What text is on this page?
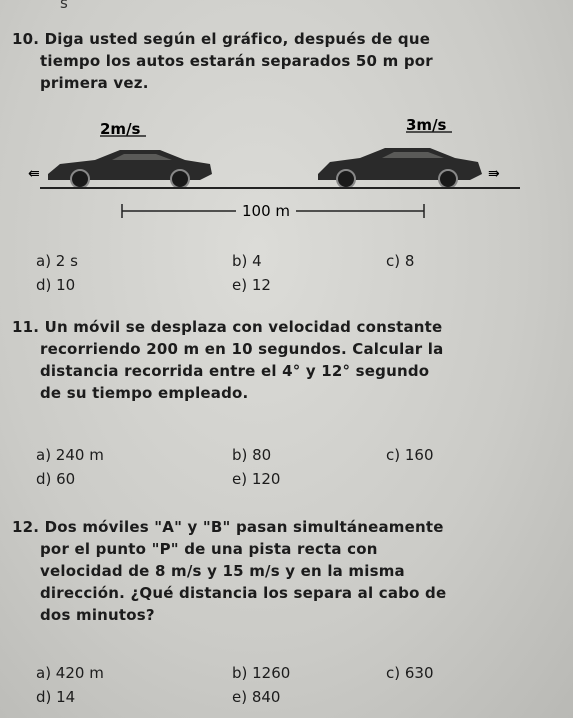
s
10. Diga usted según el gráfico, después de que
tiempo los autos estarán separados 50 m por
primera vez.
⇚
2m/s
⇛
3m/s
100 m
a) 2 s	b) 4	c) 8
d) 10	e) 12
11. Un móvil se desplaza con velocidad constante
recorriendo 200 m en 10 segundos. Calcular la
distancia recorrida entre el 4° y 12° segundo
de su tiempo empleado.
a) 240 m	b) 80	c) 160
d) 60	e) 120
12. Dos móviles "A" y "B" pasan simultáneamente
por el punto "P" de una pista recta con
velocidad de 8 m/s y 15 m/s y en la misma
dirección. ¿Qué distancia los separa al cabo de
dos minutos?
a) 420 m	b) 1260	c) 630
d) 14	e) 840
